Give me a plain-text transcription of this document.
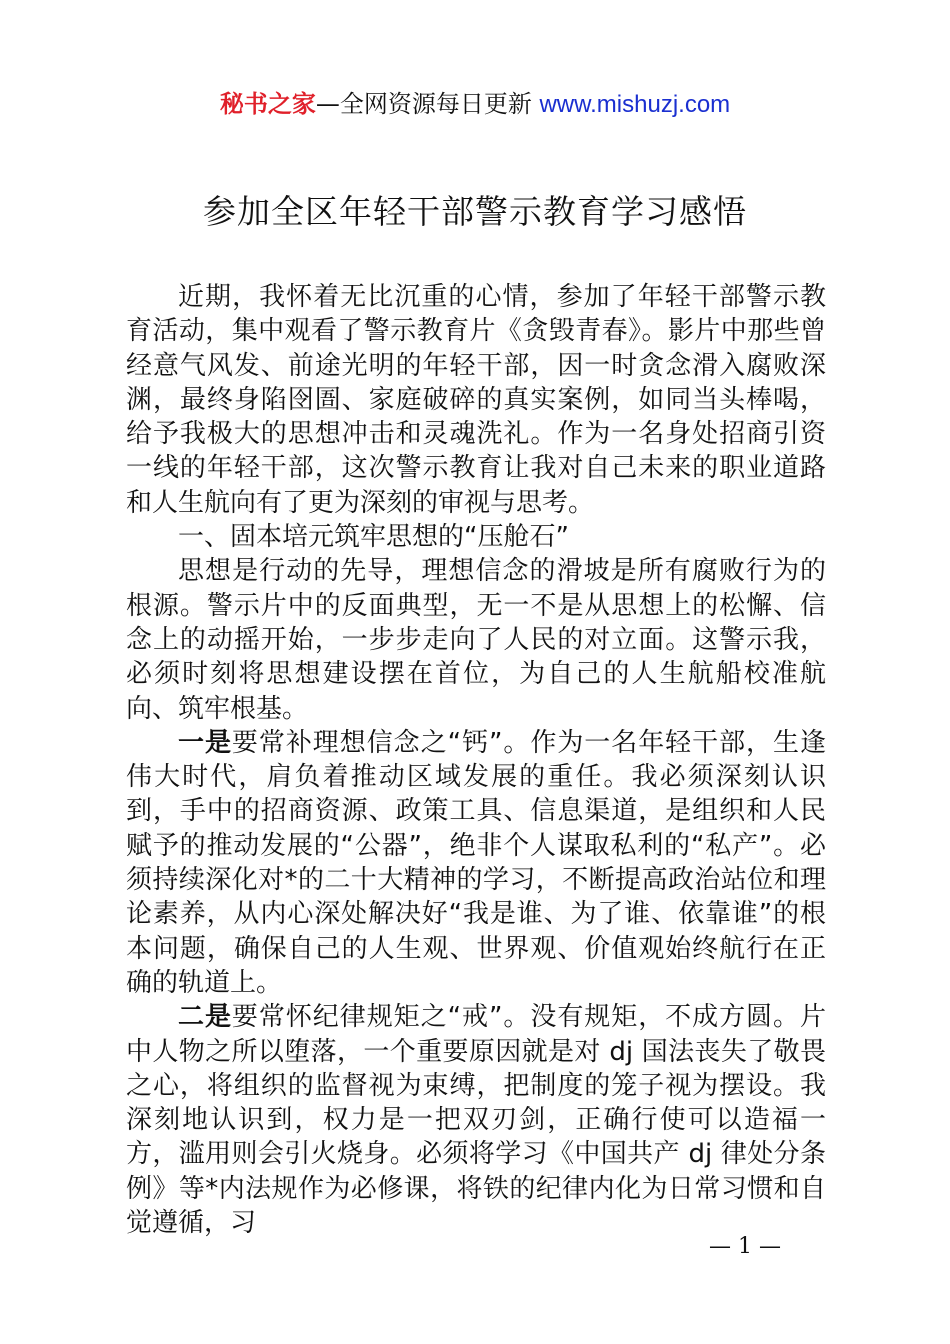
秘书之家—全网资源每日更新 www.mishuzj.com
参加全区年轻干部警示教育学习感悟

近期，我怀着无比沉重的心情，参加了年轻干部警示教育活动，集中观看了警示教育片《贪毁青春》。影片中那些曾经意气风发、前途光明的年轻干部，因一时贪念滑入腐败深渊，最终身陷囹圄、家庭破碎的真实案例，如同当头棒喝，给予我极大的思想冲击和灵魂洗礼。作为一名身处招商引资一线的年轻干部，这次警示教育让我对自己未来的职业道路和人生航向有了更为深刻的审视与思考。

一、固本培元筑牢思想的“压舱石”

思想是行动的先导，理想信念的滑坡是所有腐败行为的根源。警示片中的反面典型，无一不是从思想上的松懈、信念上的动摇开始，一步步走向了人民的对立面。这警示我，必须时刻将思想建设摆在首位，为自己的人生航船校准航向、筑牢根基。

一是要常补理想信念之“钙”。作为一名年轻干部，生逢伟大时代，肩负着推动区域发展的重任。我必须深刻认识到，手中的招商资源、政策工具、信息渠道，是组织和人民赋予的推动发展的“公器”，绝非个人谋取私利的“私产”。必须持续深化对*的二十大精神的学习，不断提高政治站位和理论素养，从内心深处解决好“我是谁、为了谁、依靠谁”的根本问题，确保自己的人生观、世界观、价值观始终航行在正确的轨道上。

二是要常怀纪律规矩之“戒”。没有规矩，不成方圆。片中人物之所以堕落，一个重要原因就是对 dj 国法丧失了敬畏之心，将组织的监督视为束缚，把制度的笼子视为摆设。我深刻地认识到，权力是一把双刃剑，正确行使可以造福一方，滥用则会引火烧身。必须将学习《中国共产 dj 律处分条例》等*内法规作为必修课，将铁的纪律内化为日常习惯和自觉遵循，习

— 1 —
